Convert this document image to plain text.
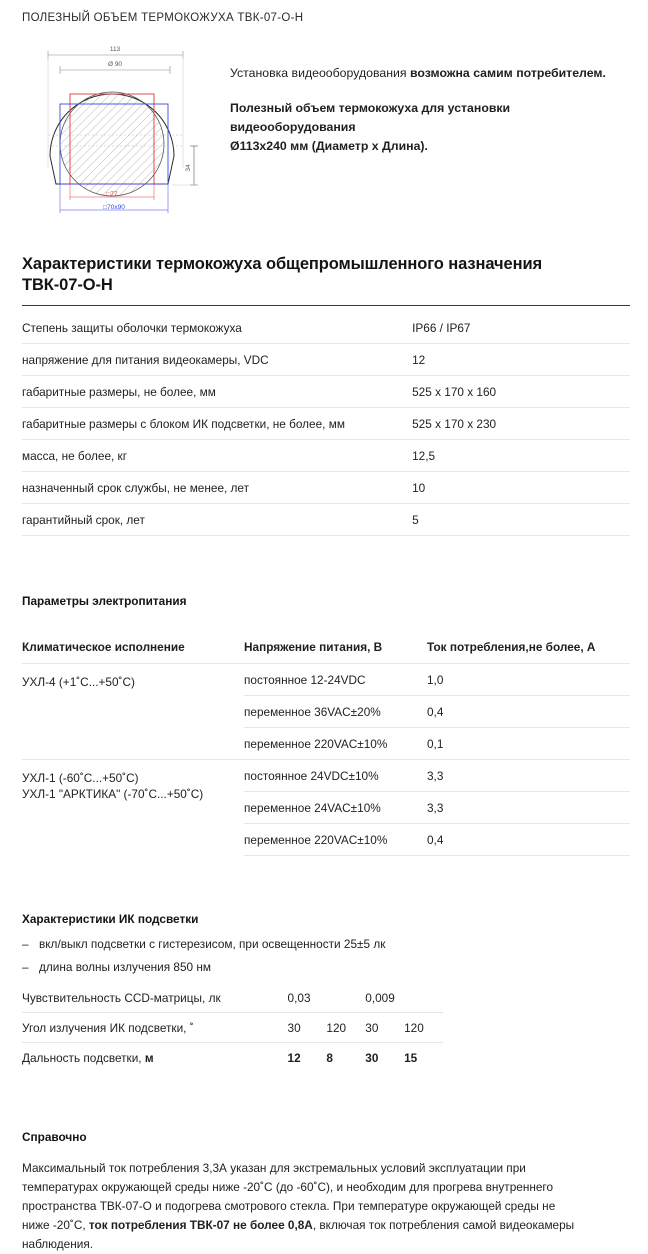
ПОЛЕЗНЫЙ ОБЪЕМ ТЕРМОКОЖУХА ТВК-07-О-Н
113
Ø 90
34
□77
□70x90

Установка видеооборудования возможна самим потребителем.

Полезный объем термокожуха для установки
видеооборудования
Ø113x240 мм (Диаметр х Длина).

Характеристики термокожуха общепромышленного назначения
ТВК-07-О-Н
Степень защиты оболочки термокожуха	IP66 / IP67
напряжение для питания видеокамеры, VDC	12
габаритные размеры, не более, мм	525 x 170 x 160
габаритные размеры с блоком ИК подсветки, не более, мм	525 x 170 x 230
масса, не более, кг	12,5
назначенный срок службы, не менее, лет	10
гарантийный срок, лет	5
Параметры электропитания
Климатическое исполнение	Напряжение питания, В	Ток потребления,не более, А
УХЛ-4 (+1˚С...+50˚С)	постоянное 12-24VDC	1,0
	переменное 36VAC±20%	0,4
	переменное 220VAC±10%	0,1
УХЛ-1 (-60˚С...+50˚С)
УХЛ-1 "АРКТИКА" (-70˚С...+50˚С)	постоянное 24VDC±10%	3,3
	переменное 24VAC±10%	3,3
	переменное 220VAC±10%	0,4
Характеристики ИК подсветки
– вкл/выкл подсветки с гистерезисом, при освещенности 25±5 лк
– длина волны излучения 850 нм
Чувствительность CCD-матрицы, лк	0,03		0,009	
Угол излучения ИК подсветки, ˚	30	120	30	120
Дальность подсветки, м	12	8	30	15
Справочно
Максимальный ток потребления 3,3А указан для экстремальных условий эксплуатации при температурах окружающей среды ниже -20˚С (до -60˚С), и необходим для прогрева внутреннего пространства ТВК-07-О и подогрева смотрового стекла. При температуре окружающей среды не ниже -20˚С, ток потребления ТВК-07 не более 0,8А, включая ток потребления самой видеокамеры наблюдения.
